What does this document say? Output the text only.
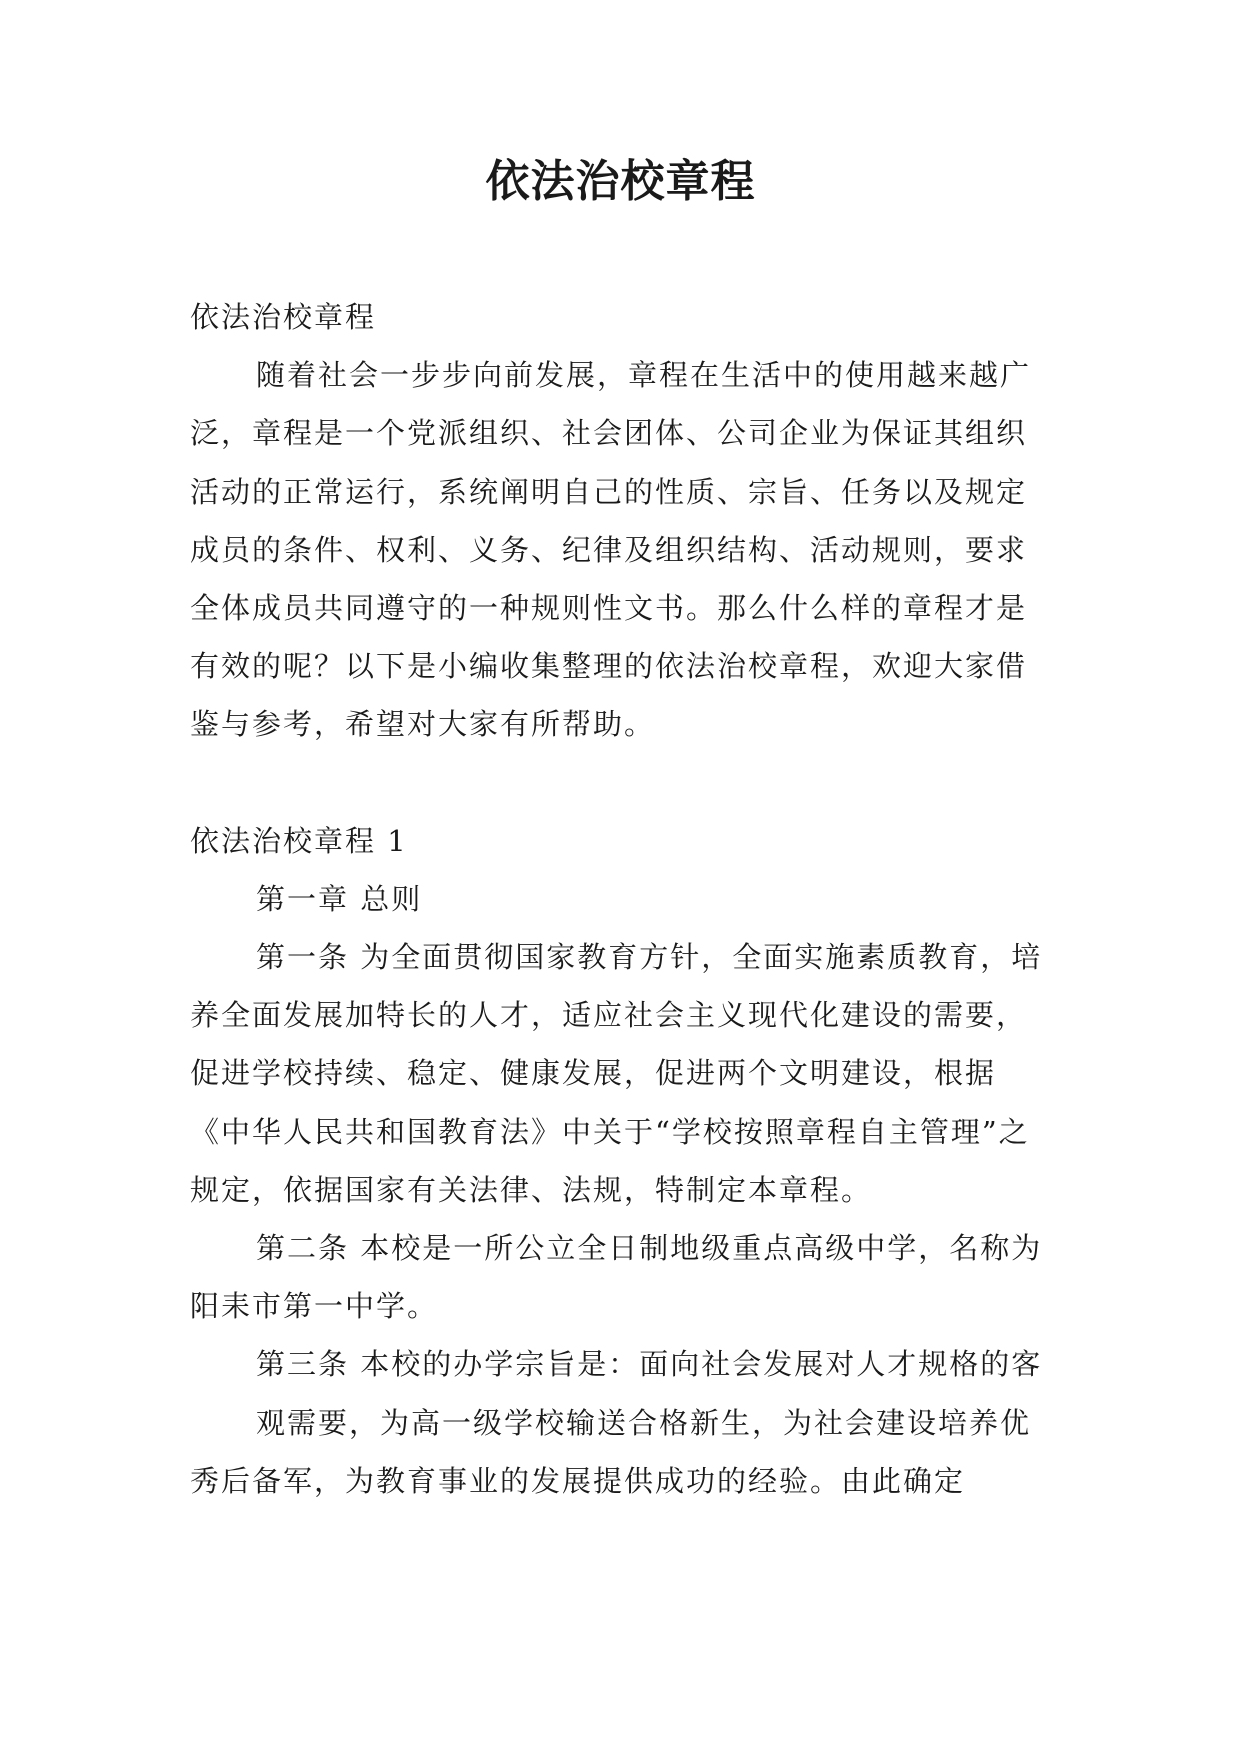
依法治校章程

依法治校章程

随着社会一步步向前发展，章程在生活中的使用越来越广泛，章程是一个党派组织、社会团体、公司企业为保证其组织活动的正常运行，系统阐明自己的性质、宗旨、任务以及规定成员的条件、权利、义务、纪律及组织结构、活动规则，要求全体成员共同遵守的一种规则性文书。那么什么样的章程才是有效的呢？以下是小编收集整理的依法治校章程，欢迎大家借鉴与参考，希望对大家有所帮助。

依法治校章程 1

第一章 总则

第一条 为全面贯彻国家教育方针，全面实施素质教育，培养全面发展加特长的人才，适应社会主义现代化建设的需要，促进学校持续、稳定、健康发展，促进两个文明建设，根据《中华人民共和国教育法》中关于“学校按照章程自主管理”之规定，依据国家有关法律、法规，特制定本章程。

第二条 本校是一所公立全日制地级重点高级中学，名称为阳耒市第一中学。

第三条 本校的办学宗旨是：面向社会发展对人才规格的客

观需要，为高一级学校输送合格新生，为社会建设培养优秀后备军，为教育事业的发展提供成功的经验。由此确定
